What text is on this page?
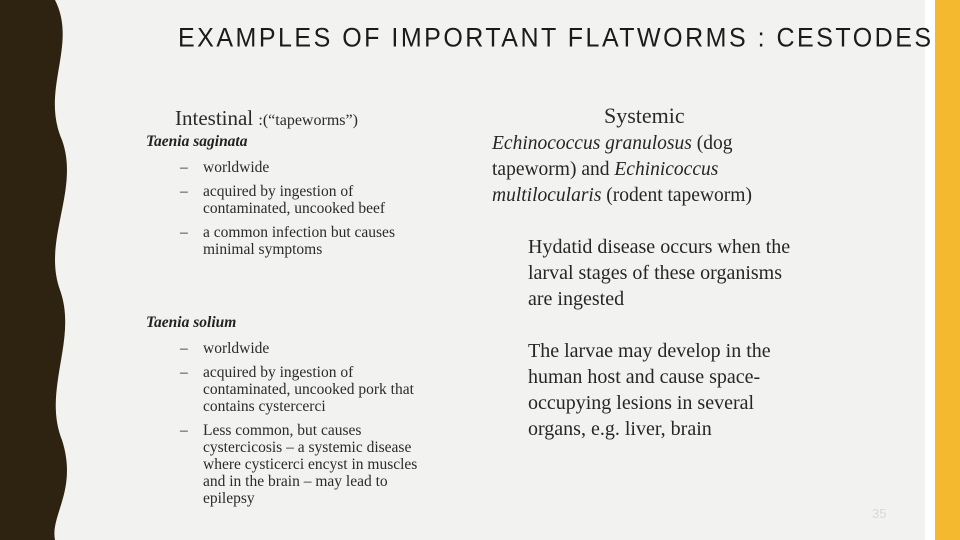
EXAMPLES OF IMPORTANT FLATWORMS : CESTODES
Intestinal :(“tapeworms”)
Taenia saginata
– worldwide
– acquired by ingestion of contaminated, uncooked beef
– a common infection but causes minimal symptoms
Taenia solium
– worldwide
– acquired by ingestion of contaminated, uncooked pork that contains cystercerci
– Less common, but causes cystercicosis – a systemic disease where cysticerci encyst in muscles and in the brain – may lead to epilepsy
Systemic
Echinococcus granulosus (dog tapeworm) and Echinicoccus multilocularis (rodent tapeworm)
Hydatid disease occurs when the larval stages of these organisms are ingested
The larvae may develop in the human host and cause space-occupying lesions in several organs, e.g. liver, brain
35
